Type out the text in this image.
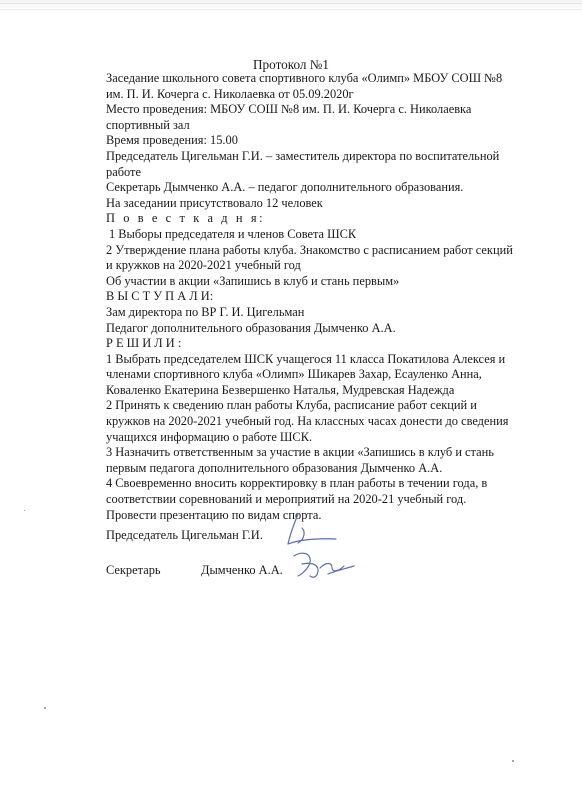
Протокол №1

Заседание школьного совета спортивного клуба «Олимп» МБОУ СОШ №8

им. П. И. Кочерга с. Николаевка от 05.09.2020г

Место проведения: МБОУ СОШ №8 им. П. И. Кочерга с. Николаевка

спортивный зал

Время проведения: 15.00

Председатель Цигельман Г.И. – заместитель директора по воспитательной

работе

Секретарь Дымченко А.А. – педагог дополнительного образования.

На заседании присутствовало 12 человек

П о в е с т к а д н я:

1 Выборы председателя и членов Совета ШСК

2 Утверждение плана работы клуба. Знакомство с расписанием работ секций

и кружков на 2020-2021 учебный год

Об участии в акции «Запишись в клуб и стань первым»

В Ы С Т У П А Л И:

Зам директора по ВР Г. И. Цигельман

Педагог дополнительного образования Дымченко А.А.

Р Е Ш И Л И :

1 Выбрать председателем ШСК учащегося 11 класса Покатилова Алексея и

членами спортивного клуба «Олимп» Шикарев Захар, Есауленко Анна,

Коваленко Екатерина Безвершенко Наталья, Мудревская Надежда

2 Принять к сведению план работы Клуба, расписание работ секций и

кружков на 2020-2021 учебный год. На классных часах донести до сведения

учащихся информацию о работе ШСК.

3 Назначить ответственным за участие в акции «Запишись в клуб и стань

первым педагога дополнительного образования Дымченко А.А.

4 Своевременно вносить корректировку в план работы в течении года, в

соответствии соревнований и мероприятий на 2020-21 учебный год.

Провести презентацию по видам спорта.

Председатель Цигельман Г.И.
Секретарь	Дымченко А.А.
